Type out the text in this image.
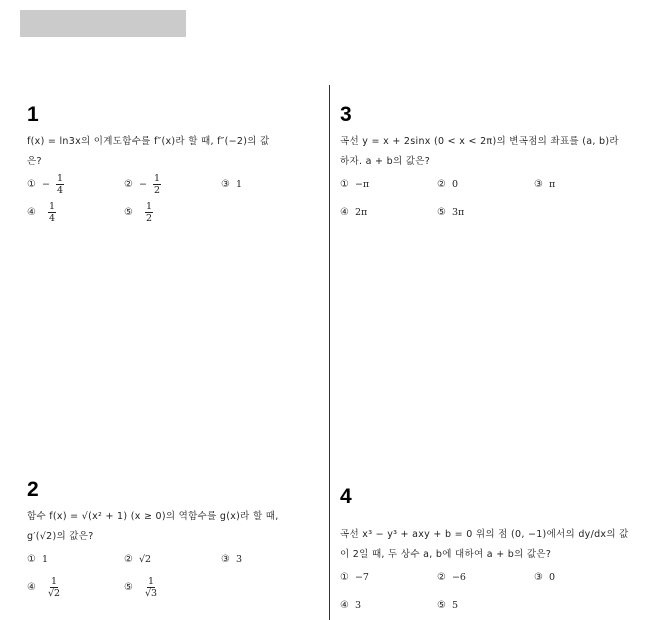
1
f(x) = ln3x의 이계도함수를 f″(x)라 할 때, f″(−2)의 값
은?
① − $\frac{1}{4}$	② − $\frac{1}{2}$	③ 1
④ $\frac{1}{4}$	⑤ $\frac{1}{2}$
2
함수 f(x) = √(x² + 1) (x ≥ 0)의 역함수를 g(x)라 할 때,
g′(√2)의 값은?
① 1	② √2	③ 3
④ $\frac{1}{√2}$	⑤ $\frac{1}{√3}$
3
곡선 y = x + 2sinx (0 < x < 2π)의 변곡점의 좌표를 (a, b)라
하자. a + b의 값은?
① −π	② 0	③ π
④ 2π	⑤ 3π
4
곡선 x³ − y³ + axy + b = 0 위의 점 (0, −1)에서의 dy/dx의 값
이 2일 때, 두 상수 a, b에 대하여 a + b의 값은?
① −7	② −6	③ 0
④ 3	⑤ 5
